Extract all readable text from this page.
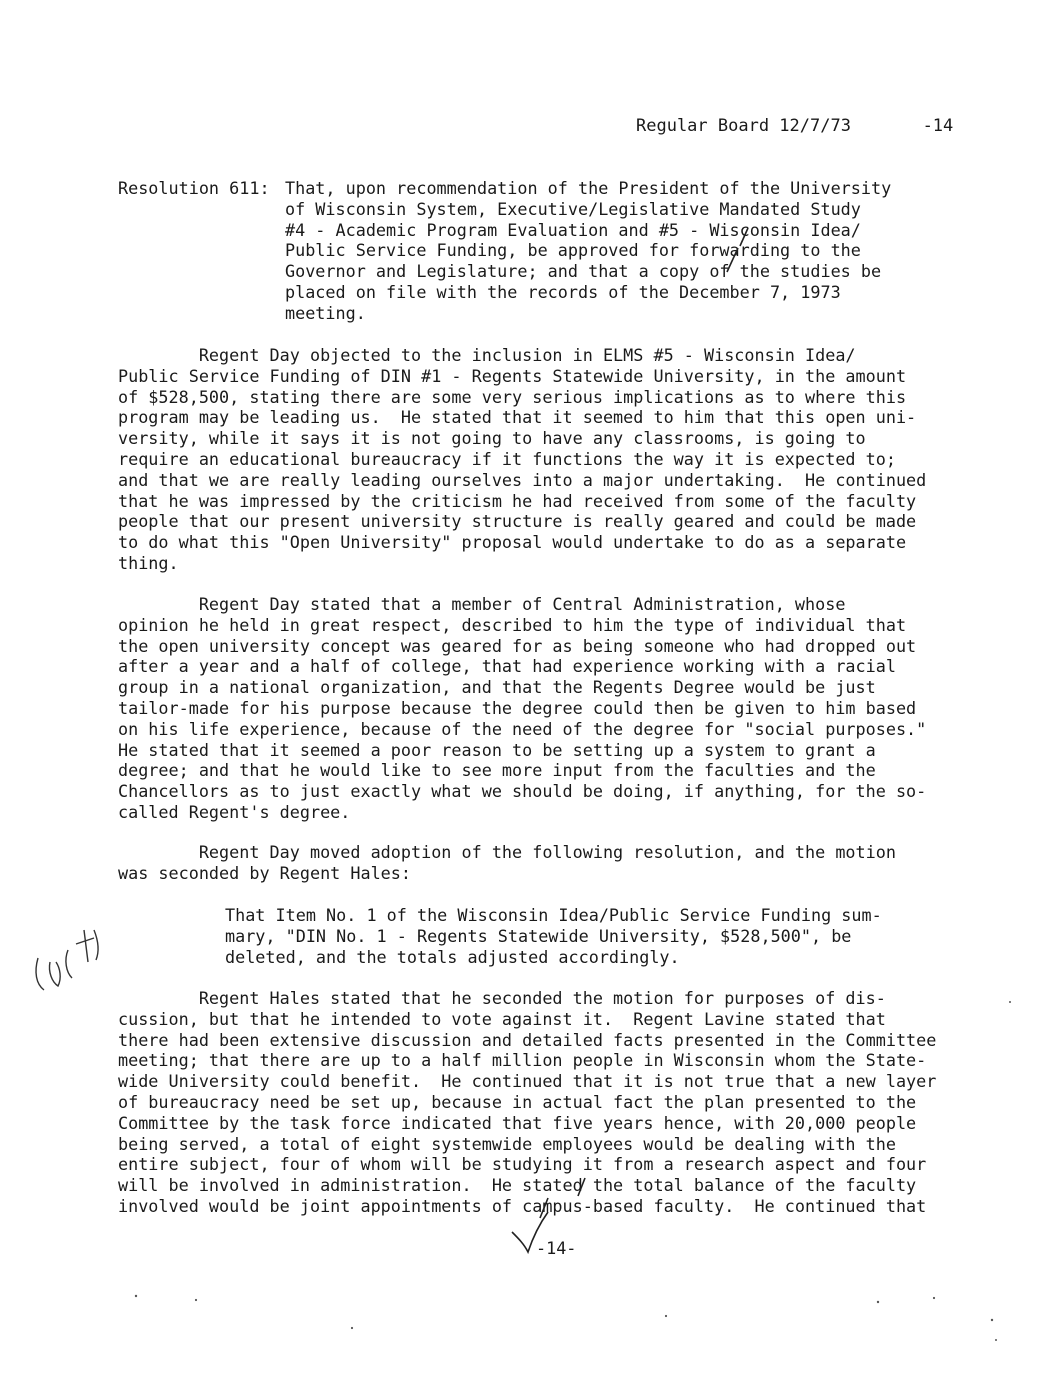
Regular Board 12/7/73       -14

Resolution 611: That, upon recommendation of the President of the University
of Wisconsin System, Executive/Legislative Mandated Study
#4 - Academic Program Evaluation and #5 - Wisconsin Idea/
Public Service Funding, be approved for forwarding to the
Governor and Legislature; and that a copy of the studies be
placed on file with the records of the December 7, 1973
meeting.

Regent Day objected to the inclusion in ELMS #5 - Wisconsin Idea/
Public Service Funding of DIN #1 - Regents Statewide University, in the amount
of $528,500, stating there are some very serious implications as to where this
program may be leading us.  He stated that it seemed to him that this open uni-
versity, while it says it is not going to have any classrooms, is going to
require an educational bureaucracy if it functions the way it is expected to;
and that we are really leading ourselves into a major undertaking.  He continued
that he was impressed by the criticism he had received from some of the faculty
people that our present university structure is really geared and could be made
to do what this "Open University" proposal would undertake to do as a separate
thing.

Regent Day stated that a member of Central Administration, whose
opinion he held in great respect, described to him the type of individual that
the open university concept was geared for as being someone who had dropped out
after a year and a half of college, that had experience working with a racial
group in a national organization, and that the Regents Degree would be just
tailor-made for his purpose because the degree could then be given to him based
on his life experience, because of the need of the degree for "social purposes."
He stated that it seemed a poor reason to be setting up a system to grant a
degree; and that he would like to see more input from the faculties and the
Chancellors as to just exactly what we should be doing, if anything, for the so-
called Regent's degree.

Regent Day moved adoption of the following resolution, and the motion
was seconded by Regent Hales:

That Item No. 1 of the Wisconsin Idea/Public Service Funding sum-
mary, "DIN No. 1 - Regents Statewide University, $528,500", be
deleted, and the totals adjusted accordingly.

Regent Hales stated that he seconded the motion for purposes of dis-
cussion, but that he intended to vote against it.  Regent Lavine stated that
there had been extensive discussion and detailed facts presented in the Committee
meeting; that there are up to a half million people in Wisconsin whom the State-
wide University could benefit.  He continued that it is not true that a new layer
of bureaucracy need be set up, because in actual fact the plan presented to the
Committee by the task force indicated that five years hence, with 20,000 people
being served, a total of eight systemwide employees would be dealing with the
entire subject, four of whom will be studying it from a research aspect and four
will be involved in administration.  He stated the total balance of the faculty
involved would be joint appointments of campus-based faculty.  He continued that

-14-
